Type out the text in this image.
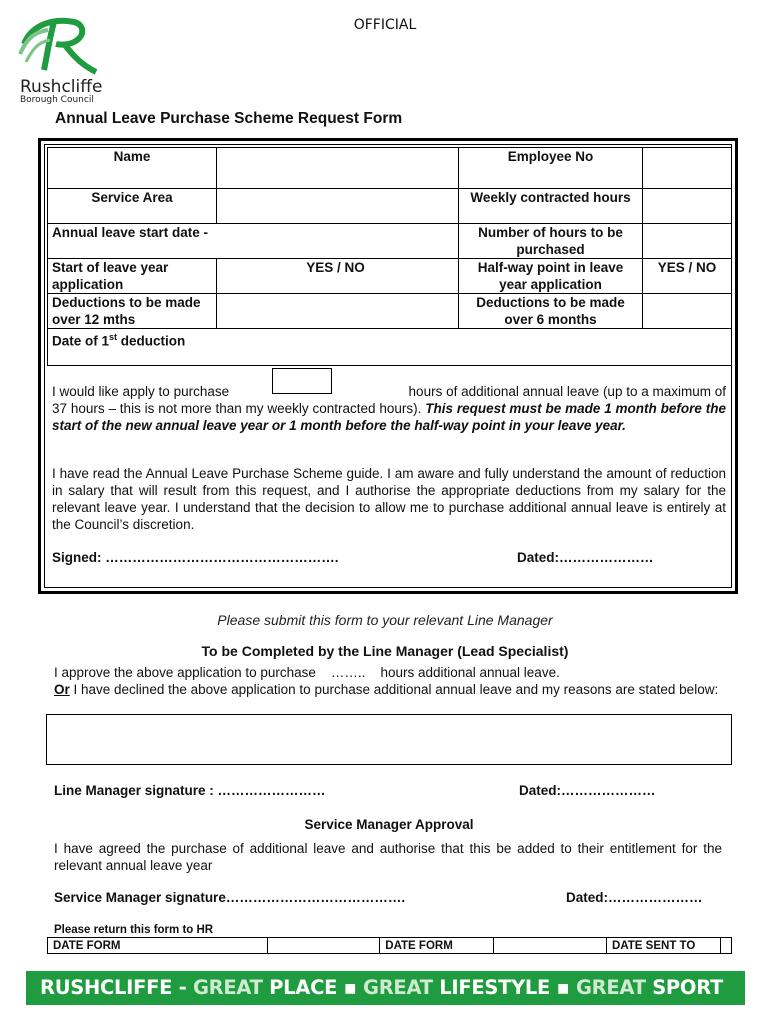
OFFICIAL
Rushcliffe
Borough Council
Annual Leave Purchase Scheme Request Form
Name		Employee No	
Service Area		Weekly contracted hours	
Annual leave start date -		Number of hours to be purchased	
Start of leave year application	YES / NO	Half-way point in leave year application	YES / NO
Deductions to be made over 12 mths		Deductions to be made over 6 months	
Date of 1st deduction			
I would like apply to purchase	hours of additional annual leave (up to a maximum of
37 hours – this is not more than my weekly contracted hours). This request must be made 1 month before the start of the new annual leave year or 1 month before the half-way point in your leave year.
I have read the Annual Leave Purchase Scheme guide. I am aware and fully understand the amount of reduction in salary that will result from this request, and I authorise the appropriate deductions from my salary for the relevant leave year. I understand that the decision to allow me to purchase additional annual leave is entirely at the Council’s discretion.
Signed: …………………………………………….	Dated:…………………
Please submit this form to your relevant Line Manager
To be Completed by the Line Manager (Lead Specialist)
I approve the above application to purchase    ……..    hours additional annual leave.
Or I have declined the above application to purchase additional annual leave and my reasons are stated below:
Line Manager signature : ……………………	Dated:…………………
Service Manager Approval
I have agreed the purchase of additional leave and authorise that this be added to their entitlement for the relevant annual leave year
Service Manager signature………………………………….	Dated:…………………
Please return this form to HR
DATE FORM		DATE FORM		DATE SENT TO	
RUSHCLIFFE - GREAT PLACE ▪ GREAT LIFESTYLE ▪ GREAT SPORT
